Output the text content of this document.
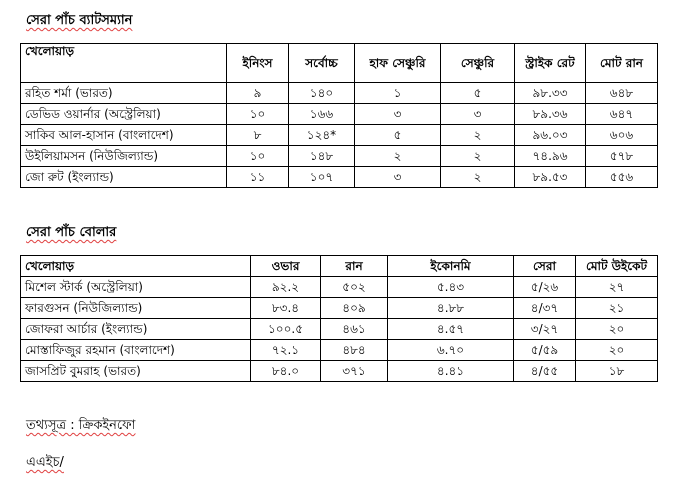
সেরা পাঁচ ব্যাটসম্যান
খেলোয়াড়	ইনিংস	সর্বোচ্চ	হাফ সেঞ্চুরি	সেঞ্চুরি	স্ট্রাইক রেট	মোট রান
রহিত শর্মা (ভারত)	৯	১৪০	১	৫	৯৮.৩৩	৬৪৮
ডেভিড ওয়ার্নার (অস্ট্রেলিয়া)	১০	১৬৬	৩	৩	৮৯.৩৬	৬৪৭
সাকিব আল-হাসান (বাংলাদেশ)	৮	১২৪*	৫	২	৯৬.০৩	৬০৬
উইলিয়ামসন (নিউজিল্যান্ড)	১০	১৪৮	২	২	৭৪.৯৬	৫৭৮
জো রুট (ইংল্যান্ড)	১১	১০৭	৩	২	৮৯.৫৩	৫৫৬
সেরা পাঁচ বোলার
খেলোয়াড়	ওভার	রান	ইকোনমি	সেরা	মোট উইকেট
মিশেল স্টার্ক (অস্ট্রেলিয়া)	৯২.২	৫০২	৫.৪৩	৫/২৬	২৭
ফারগুসন (নিউজিল্যান্ড)	৮৩.৪	৪০৯	৪.৮৮	৪/৩৭	২১
জোফরা আর্চার (ইংল্যান্ড)	১০০.৫	৪৬১	৪.৫৭	৩/২৭	২০
মোস্তাফিজুর রহমান (বাংলাদেশ)	৭২.১	৪৮৪	৬.৭০	৫/৫৯	২০
জাসপ্রিট বুমরাহ (ভারত)	৮৪.০	৩৭১	৪.৪১	৪/৫৫	১৮
তথ্যসূত্র : ক্রিকইনফো
এএইচ/
